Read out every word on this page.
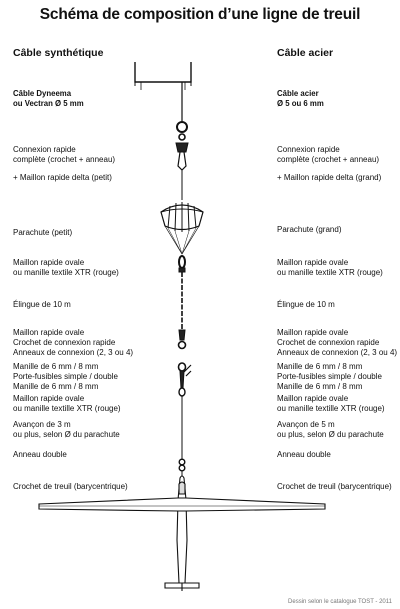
Schéma de composition d’une ligne de treuil
Câble synthétique	Câble acier
Câble Dyneema
ou Vectran Ø 5 mm
Connexion rapide
complète (crochet + anneau)
+ Maillon rapide delta (petit)
Parachute (petit)
Maillon rapide ovale
ou manille textile XTR (rouge)
Élingue de 10 m
Maillon rapide ovale
Crochet de connexion rapide
Anneaux de connexion (2, 3 ou 4)
Manille de 6 mm / 8 mm
Porte-fusibles simple / double
Manille de 6 mm / 8 mm
Maillon rapide ovale
ou manille textille XTR (rouge)
Avançon de 3 m
ou plus, selon Ø du parachute
Anneau double
Crochet de treuil (barycentrique)
Câble acier
Ø 5 ou 6 mm
Connexion rapide
complète (crochet + anneau)
+ Maillon rapide delta (grand)
Parachute (grand)
Maillon rapide ovale
ou manille textile XTR (rouge)
Élingue de 10 m
Maillon rapide ovale
Crochet de connexion rapide
Anneaux de connexion (2, 3 ou 4)
Manille de 6 mm / 8 mm
Porte-fusibles simple / double
Manille de 6 mm / 8 mm
Maillon rapide ovale
ou manille textille XTR (rouge)
Avançon de 5 m
ou plus, selon Ø du parachute
Anneau double
Crochet de treuil (barycentrique)
Dessin selon le catalogue TOST - 2011
